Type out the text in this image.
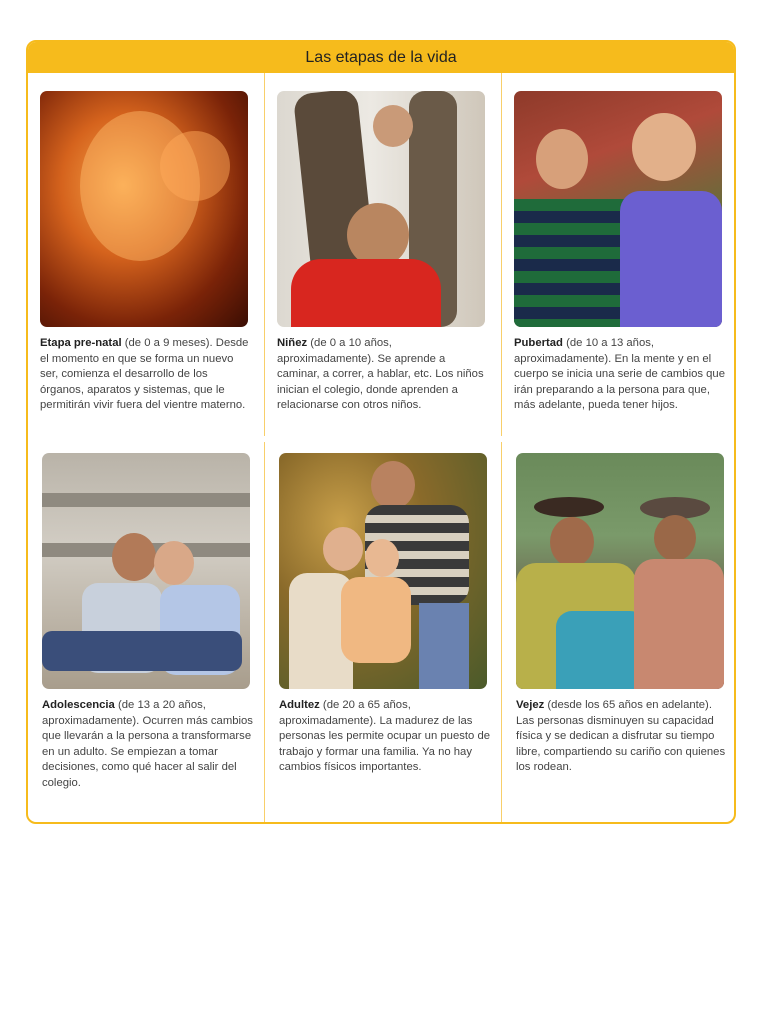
Las etapas de la vida
Etapa pre-natal (de 0 a 9 meses). Desde el momento en que se forma un nuevo ser, comienza el desarrollo de los órganos, aparatos y sistemas, que le permitirán vivir fuera del vientre materno.
Niñez (de 0 a 10 años, aproximadamente). Se aprende a caminar, a correr, a hablar, etc. Los niños inician el colegio, donde aprenden a relacionarse con otros niños.
Pubertad (de 10 a 13 años, aproximadamente). En la mente y en el cuerpo se inicia una serie de cambios que irán preparando a la persona para que, más adelante, pueda tener hijos.
Adolescencia (de 13 a 20 años, aproximadamente). Ocurren más cambios que llevarán a la persona a transformarse en un adulto. Se empiezan a tomar decisiones, como qué hacer al salir del colegio.
Adultez (de 20 a 65 años, aproximadamente). La madurez de las personas les permite ocupar un puesto de trabajo y formar una familia. Ya no hay cambios físicos importantes.
Vejez (desde los 65 años en adelante). Las personas disminuyen su capacidad física y se dedican a disfrutar su tiempo libre, compartiendo su cariño con quienes los rodean.
